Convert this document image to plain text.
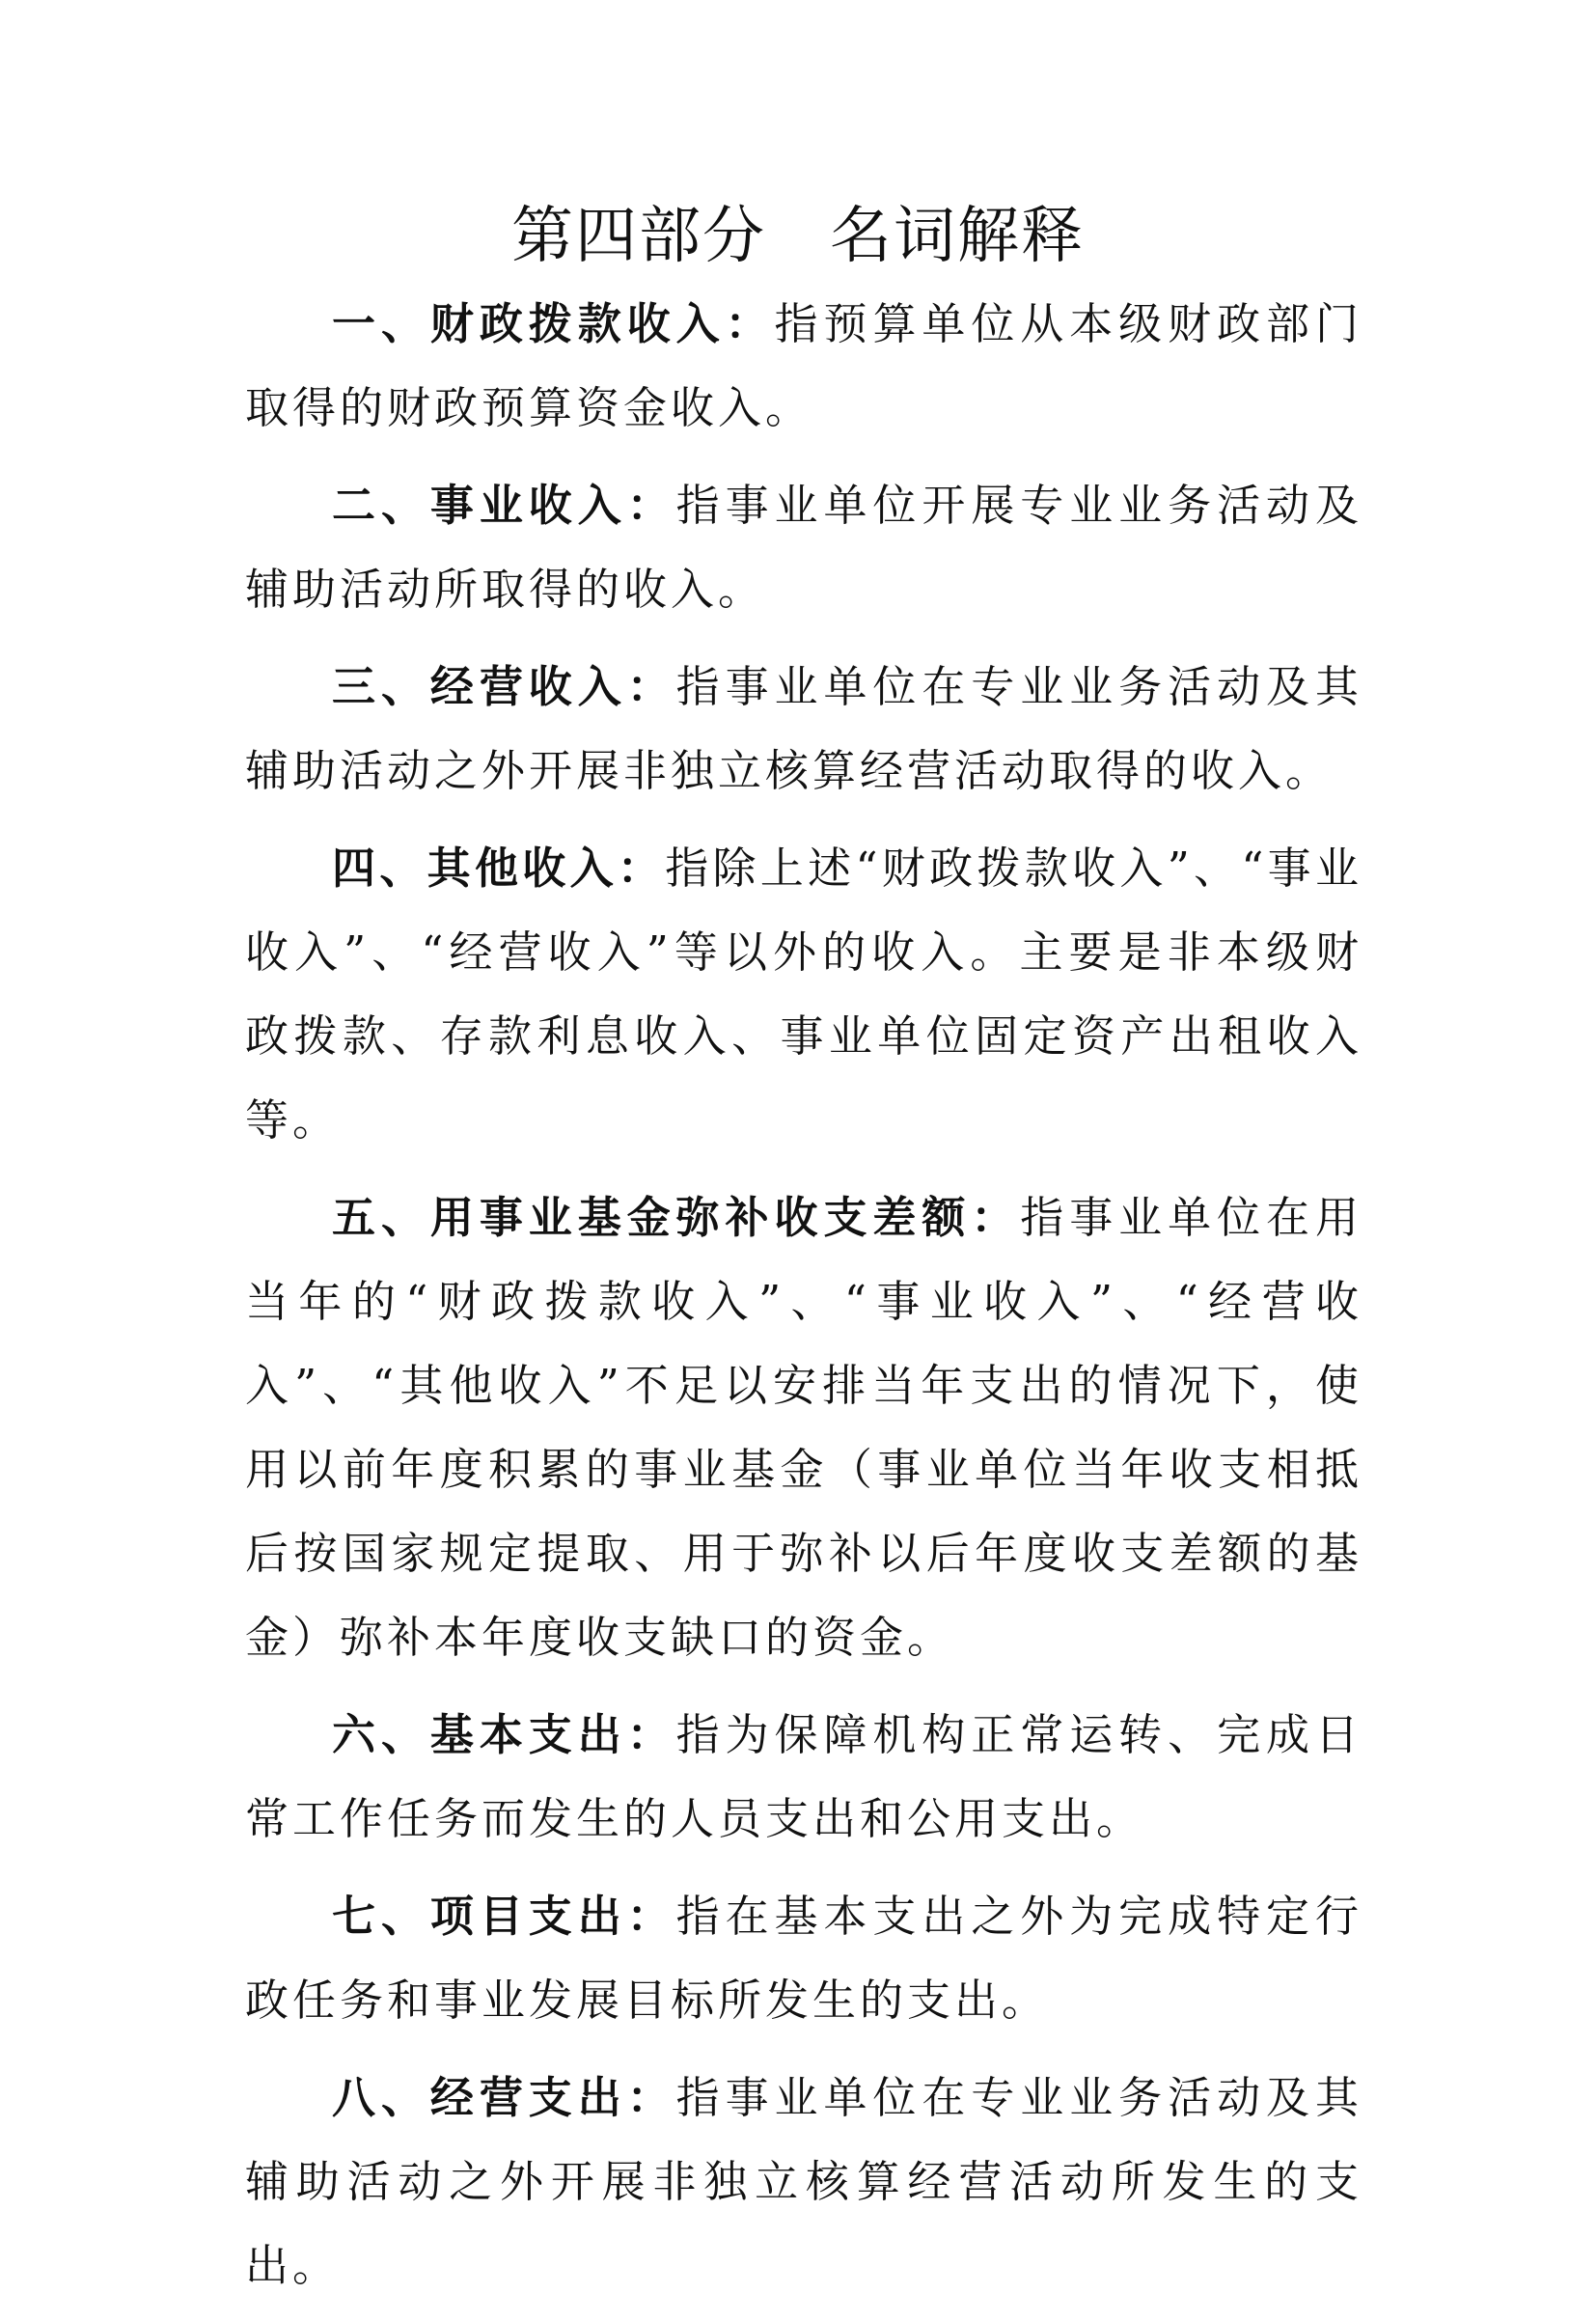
第四部分　名词解释

一、财政拨款收入：指预算单位从本级财政部门取得的财政预算资金收入。

二、事业收入：指事业单位开展专业业务活动及辅助活动所取得的收入。

三、经营收入：指事业单位在专业业务活动及其辅助活动之外开展非独立核算经营活动取得的收入。

四、其他收入：指除上述“财政拨款收入”、“事业收入”、“经营收入”等以外的收入。主要是非本级财政拨款、存款利息收入、事业单位固定资产出租收入等。

五、用事业基金弥补收支差额：指事业单位在用当年的“财政拨款收入”、“事业收入”、“经营收入”、“其他收入”不足以安排当年支出的情况下，使用以前年度积累的事业基金（事业单位当年收支相抵后按国家规定提取、用于弥补以后年度收支差额的基金）弥补本年度收支缺口的资金。

六、基本支出：指为保障机构正常运转、完成日常工作任务而发生的人员支出和公用支出。

七、项目支出：指在基本支出之外为完成特定行政任务和事业发展目标所发生的支出。

八、经营支出：指事业单位在专业业务活动及其辅助活动之外开展非独立核算经营活动所发生的支出。
